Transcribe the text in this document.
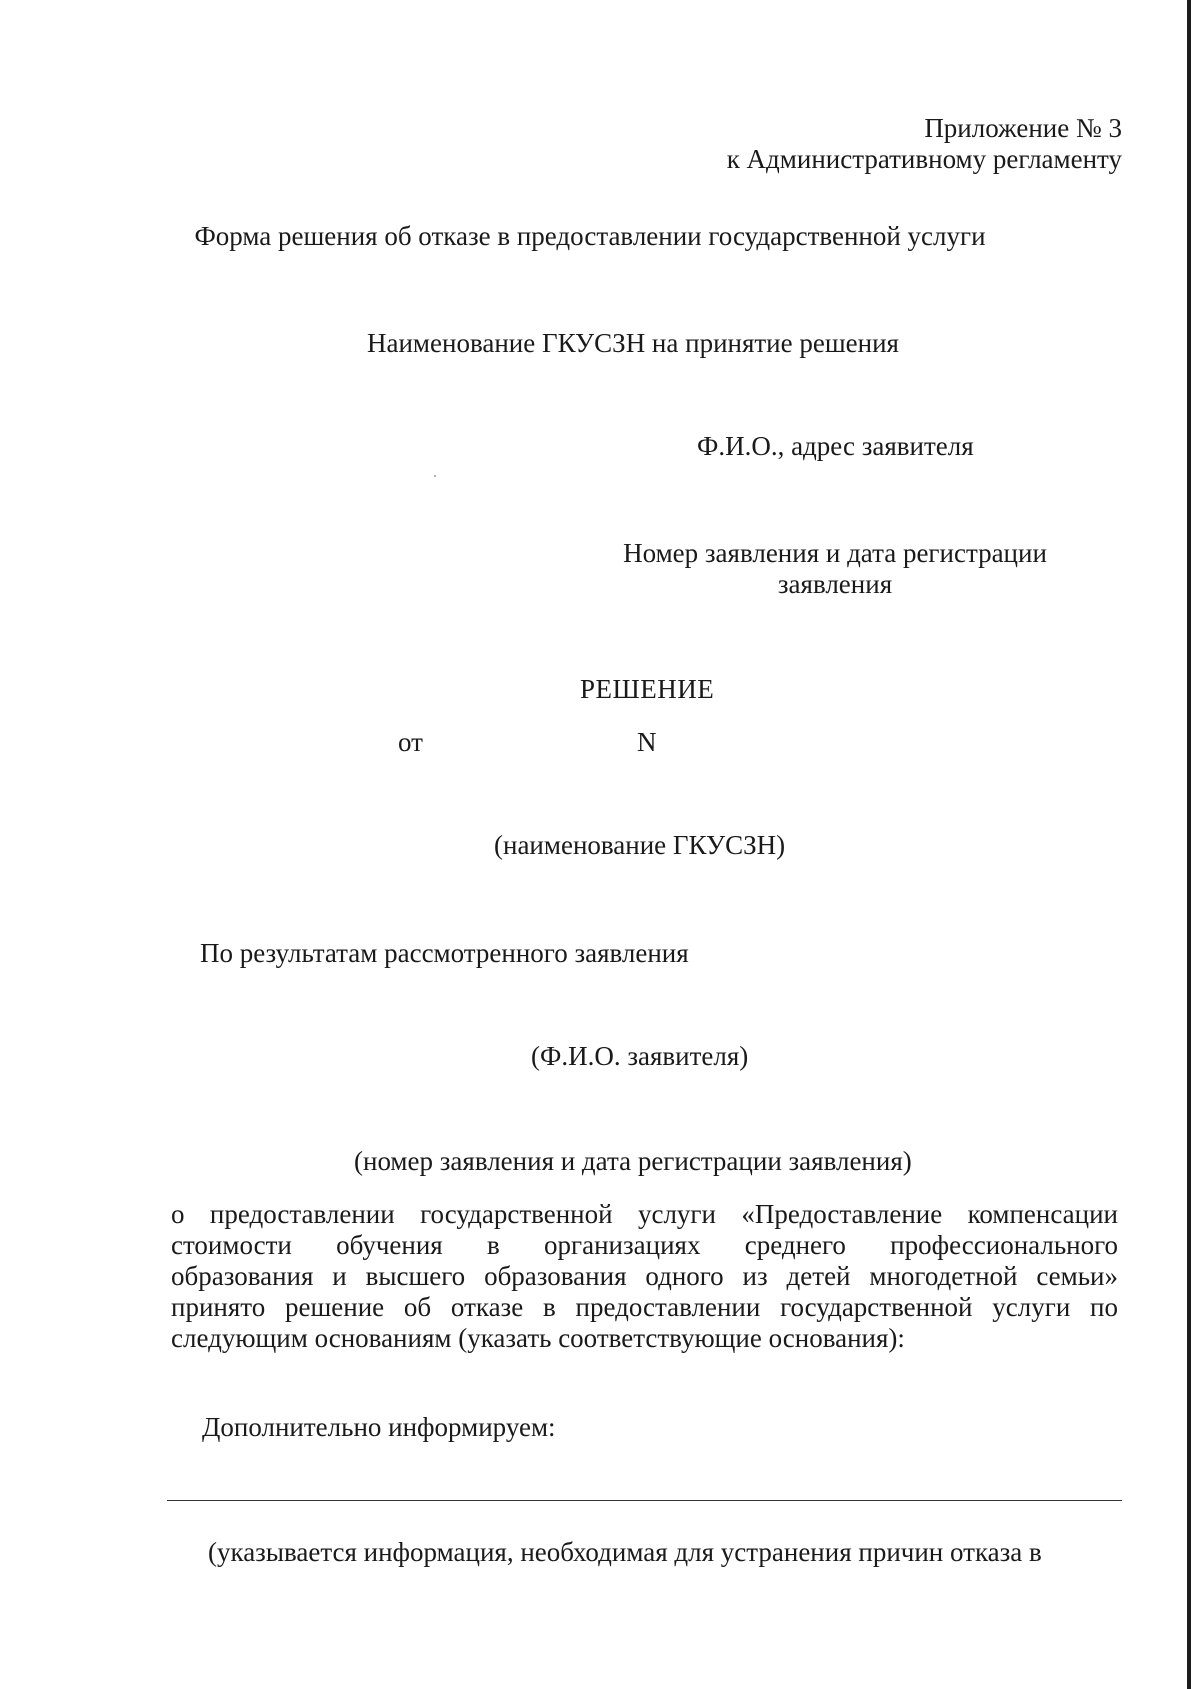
Приложение № 3
к Административному регламенту
Форма решения об отказе в предоставлении государственной услуги
Наименование ГКУСЗН на принятие решения
Ф.И.О., адрес заявителя
Номер заявления и дата регистрации
заявления
РЕШЕНИЕ
от	N
(наименование ГКУСЗН)
По результатам рассмотренного заявления
(Ф.И.О. заявителя)
(номер заявления и дата регистрации заявления)
о предоставлении государственной услуги «Предоставление компенсации
стоимости обучения в организациях среднего профессионального
образования и высшего образования одного из детей многодетной семьи»
принято решение об отказе в предоставлении государственной услуги по
следующим основаниям (указать соответствующие основания):
Дополнительно информируем:
(указывается информация, необходимая для устранения причин отказа в
